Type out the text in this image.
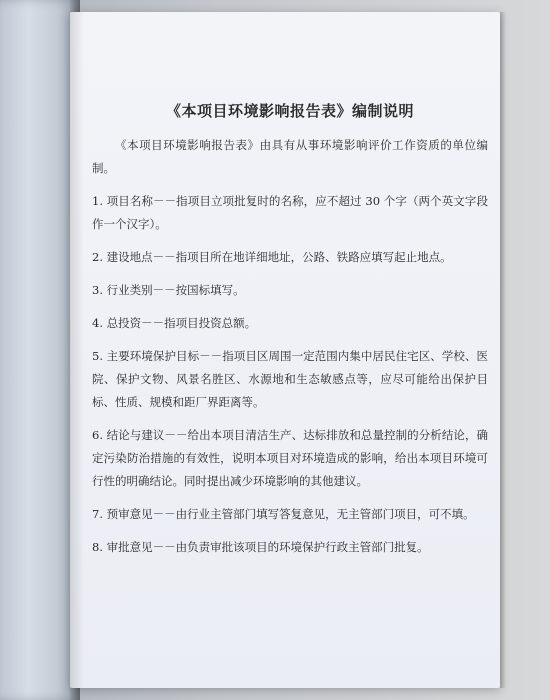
《本项目环境影响报告表》编制说明

《本项目环境影响报告表》由具有从事环境影响评价工作资质的单位编制。

1. 项目名称－－指项目立项批复时的名称，应不超过 30 个字（两个英文字段作一个汉字）。

2. 建设地点－－指项目所在地详细地址，公路、铁路应填写起止地点。

3. 行业类别－－按国标填写。

4. 总投资－－指项目投资总额。

5. 主要环境保护目标－－指项目区周围一定范围内集中居民住宅区、学校、医院、保护文物、风景名胜区、水源地和生态敏感点等，应尽可能给出保护目标、性质、规模和距厂界距离等。

6. 结论与建议－－给出本项目清洁生产、达标排放和总量控制的分析结论，确定污染防治措施的有效性，说明本项目对环境造成的影响，给出本项目环境可行性的明确结论。同时提出减少环境影响的其他建议。

7. 预审意见－－由行业主管部门填写答复意见，无主管部门项目，可不填。

8. 审批意见－－由负责审批该项目的环境保护行政主管部门批复。
